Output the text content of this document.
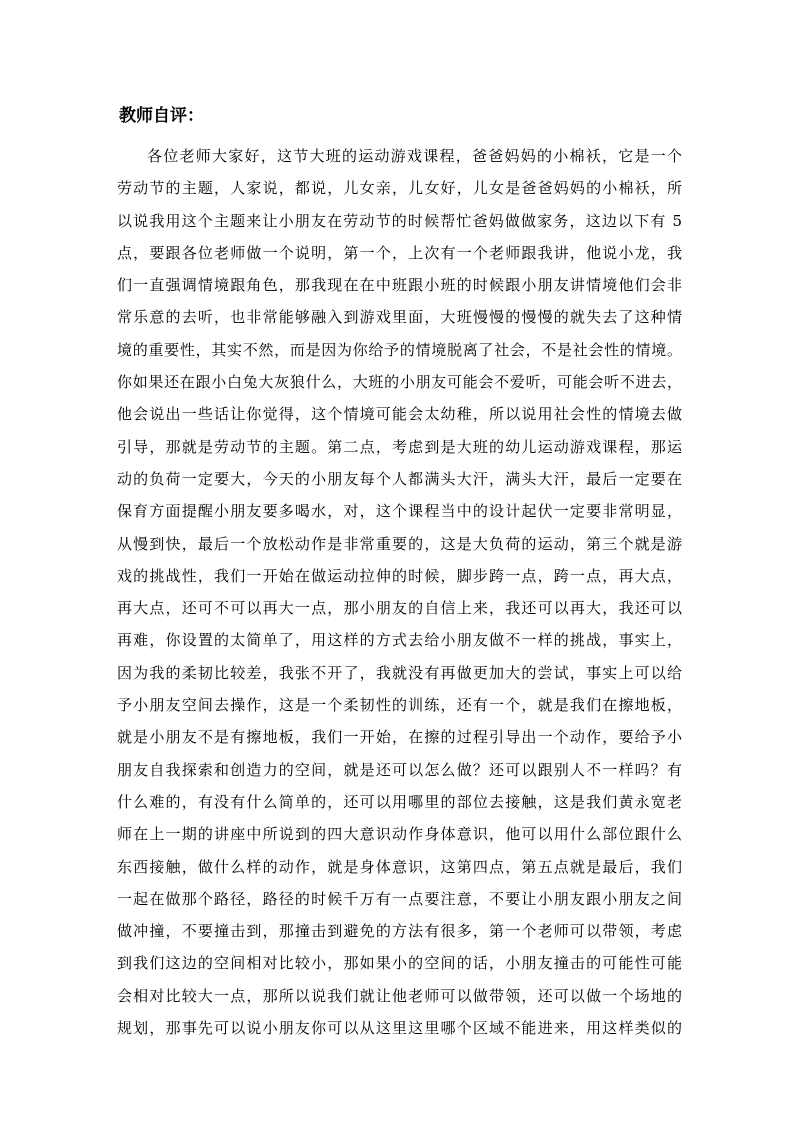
教师自评：
各位老师大家好，这节大班的运动游戏课程，爸爸妈妈的小棉袄，它是一个
劳动节的主题，人家说，都说，儿女亲，儿女好，儿女是爸爸妈妈的小棉袄，所
以说我用这个主题来让小朋友在劳动节的时候帮忙爸妈做做家务，这边以下有 5
点，要跟各位老师做一个说明，第一个，上次有一个老师跟我讲，他说小龙，我
们一直强调情境跟角色，那我现在在中班跟小班的时候跟小朋友讲情境他们会非
常乐意的去听，也非常能够融入到游戏里面，大班慢慢的慢慢的就失去了这种情
境的重要性，其实不然，而是因为你给予的情境脱离了社会，不是社会性的情境。
你如果还在跟小白兔大灰狼什么，大班的小朋友可能会不爱听，可能会听不进去，
他会说出一些话让你觉得，这个情境可能会太幼稚，所以说用社会性的情境去做
引导，那就是劳动节的主题。第二点，考虑到是大班的幼儿运动游戏课程，那运
动的负荷一定要大，今天的小朋友每个人都满头大汗，满头大汗，最后一定要在
保育方面提醒小朋友要多喝水，对，这个课程当中的设计起伏一定要非常明显，
从慢到快，最后一个放松动作是非常重要的，这是大负荷的运动，第三个就是游
戏的挑战性，我们一开始在做运动拉伸的时候，脚步跨一点，跨一点，再大点，
再大点，还可不可以再大一点，那小朋友的自信上来，我还可以再大，我还可以
再难，你设置的太简单了，用这样的方式去给小朋友做不一样的挑战，事实上，
因为我的柔韧比较差，我张不开了，我就没有再做更加大的尝试，事实上可以给
予小朋友空间去操作，这是一个柔韧性的训练，还有一个，就是我们在擦地板，
就是小朋友不是有擦地板，我们一开始，在擦的过程引导出一个动作，要给予小
朋友自我探索和创造力的空间，就是还可以怎么做？还可以跟别人不一样吗？有
什么难的，有没有什么简单的，还可以用哪里的部位去接触，这是我们黄永宽老
师在上一期的讲座中所说到的四大意识动作身体意识，他可以用什么部位跟什么
东西接触，做什么样的动作，就是身体意识，这第四点，第五点就是最后，我们
一起在做那个路径，路径的时候千万有一点要注意，不要让小朋友跟小朋友之间
做冲撞，不要撞击到，那撞击到避免的方法有很多，第一个老师可以带领，考虑
到我们这边的空间相对比较小，那如果小的空间的话，小朋友撞击的可能性可能
会相对比较大一点，那所以说我们就让他老师可以做带领，还可以做一个场地的
规划，那事先可以说小朋友你可以从这里这里哪个区域不能进来，用这样类似的
